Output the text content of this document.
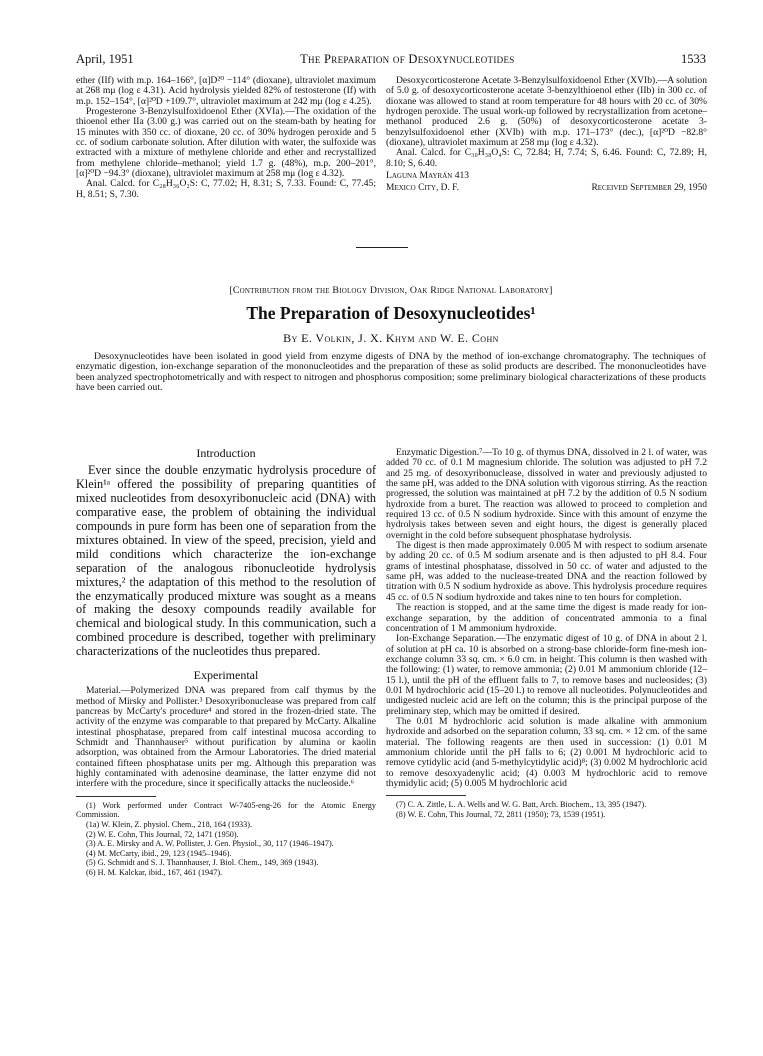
April, 1951	The Preparation of Desoxynucleotides	1533

ether (IIf) with m.p. 164–166°, [α]D²⁰ −114° (dioxane), ultraviolet maximum at 268 mμ (log ε 4.31). Acid hydrolysis yielded 82% of testosterone (If) with m.p. 152–154°, [α]²⁰D +109.7°, ultraviolet maximum at 242 mμ (log ε 4.25).

Progesterone 3-Benzylsulfoxidoenol Ether (XVIa).—The oxidation of the thioenol ether IIa (3.00 g.) was carried out on the steam-bath by heating for 15 minutes with 350 cc. of dioxane, 20 cc. of 30% hydrogen peroxide and 5 cc. of sodium carbonate solution. After dilution with water, the sulfoxide was extracted with a mixture of methylene chloride and ether and recrystallized from methylene chloride–methanol; yield 1.7 g. (48%), m.p. 200–201°, [α]²⁰D −94.3° (dioxane), ultraviolet maximum at 258 mμ (log ε 4.32).

Anal. Calcd. for C₂₈H₃₆O₂S: C, 77.02; H, 8.31; S, 7.33. Found: C, 77.45; H, 8.51; S, 7.30.

Desoxycorticosterone Acetate 3-Benzylsulfoxidoenol Ether (XVIb).—A solution of 5.0 g. of desoxycorticosterone acetate 3-benzylthioenol ether (IIb) in 300 cc. of dioxane was allowed to stand at room temperature for 48 hours with 20 cc. of 30% hydrogen peroxide. The usual work-up followed by recrystallization from acetone–methanol produced 2.6 g. (50%) of desoxycorticosterone acetate 3-benzylsulfoxidoenol ether (XVIb) with m.p. 171–173° (dec.), [α]²⁰D −82.8° (dioxane), ultraviolet maximum at 258 mμ (log ε 4.32).

Anal. Calcd. for C₃₀H₃₈O₄S: C, 72.84; H, 7.74; S, 6.46. Found: C, 72.89; H, 8.10; S, 6.40.

Laguna Mayrán 413
Mexico City, D. F.	Received September 29, 1950
[Contribution from the Biology Division, Oak Ridge National Laboratory]
The Preparation of Desoxynucleotides¹
By E. Volkin, J. X. Khym and W. E. Cohn
Desoxynucleotides have been isolated in good yield from enzyme digests of DNA by the method of ion-exchange chromatography. The techniques of enzymatic digestion, ion-exchange separation of the mononucleotides and the preparation of these as solid products are described. The mononucleotides have been analyzed spectrophotometrically and with respect to nitrogen and phosphorus composition; some preliminary biological characterizations of these products have been carried out.
Introduction

Ever since the double enzymatic hydrolysis procedure of Klein¹ᵃ offered the possibility of preparing quantities of mixed nucleotides from desoxyribonucleic acid (DNA) with comparative ease, the problem of obtaining the individual compounds in pure form has been one of separation from the mixtures obtained. In view of the speed, precision, yield and mild conditions which characterize the ion-exchange separation of the analogous ribonucleotide hydrolysis mixtures,² the adaptation of this method to the resolution of the enzymatically produced mixture was sought as a means of making the desoxy compounds readily available for chemical and biological study. In this communication, such a combined procedure is described, together with preliminary characterizations of the nucleotides thus prepared.

Experimental

Material.—Polymerized DNA was prepared from calf thymus by the method of Mirsky and Pollister.³ Desoxyribonuclease was prepared from calf pancreas by McCarty's procedure⁴ and stored in the frozen-dried state. The activity of the enzyme was comparable to that prepared by McCarty. Alkaline intestinal phosphatase, prepared from calf intestinal mucosa according to Schmidt and Thannhauser⁵ without purification by alumina or kaolin adsorption, was obtained from the Armour Laboratories. The dried material contained fifteen phosphatase units per mg. Although this preparation was highly contaminated with adenosine deaminase, the latter enzyme did not interfere with the procedure, since it specifically attacks the nucleoside.⁶

(1) Work performed under Contract W-7405-eng-26 for the Atomic Energy Commission.

(1a) W. Klein, Z. physiol. Chem., 218, 164 (1933).

(2) W. E. Cohn, This Journal, 72, 1471 (1950).

(3) A. E. Mirsky and A. W. Pollister, J. Gen. Physiol., 30, 117 (1946–1947).

(4) M. McCarty, ibid., 29, 123 (1945–1946).

(5) G. Schmidt and S. J. Thannhauser, J. Biol. Chem., 149, 369 (1943).

(6) H. M. Kalckar, ibid., 167, 461 (1947).

Enzymatic Digestion.⁷—To 10 g. of thymus DNA, dissolved in 2 l. of water, was added 70 cc. of 0.1 M magnesium chloride. The solution was adjusted to pH 7.2 and 25 mg. of desoxyribonuclease, dissolved in water and previously adjusted to the same pH, was added to the DNA solution with vigorous stirring. As the reaction progressed, the solution was maintained at pH 7.2 by the addition of 0.5 N sodium hydroxide from a buret. The reaction was allowed to proceed to completion and required 13 cc. of 0.5 N sodium hydroxide. Since with this amount of enzyme the hydrolysis takes between seven and eight hours, the digest is generally placed overnight in the cold before subsequent phosphatase hydrolysis.

The digest is then made approximately 0.005 M with respect to sodium arsenate by adding 20 cc. of 0.5 M sodium arsenate and is then adjusted to pH 8.4. Four grams of intestinal phosphatase, dissolved in 50 cc. of water and adjusted to the same pH, was added to the nuclease-treated DNA and the reaction followed by titration with 0.5 N sodium hydroxide as above. This hydrolysis procedure requires 45 cc. of 0.5 N sodium hydroxide and takes nine to ten hours for completion.

The reaction is stopped, and at the same time the digest is made ready for ion-exchange separation, by the addition of concentrated ammonia to a final concentration of 1 M ammonium hydroxide.

Ion-Exchange Separation.—The enzymatic digest of 10 g. of DNA in about 2 l. of solution at pH ca. 10 is absorbed on a strong-base chloride-form fine-mesh ion-exchange column 33 sq. cm. × 6.0 cm. in height. This column is then washed with the following: (1) water, to remove ammonia; (2) 0.01 M ammonium chloride (12–15 l.), until the pH of the effluent falls to 7, to remove bases and nucleosides; (3) 0.01 M hydrochloric acid (15–20 l.) to remove all nucleotides. Polynucleotides and undigested nucleic acid are left on the column; this is the principal purpose of the preliminary step, which may be omitted if desired.

The 0.01 M hydrochloric acid solution is made alkaline with ammonium hydroxide and adsorbed on the separation column, 33 sq. cm. × 12 cm. of the same material. The following reagents are then used in succession: (1) 0.01 M ammonium chloride until the pH falls to 6; (2) 0.001 M hydrochloric acid to remove cytidylic acid (and 5-methylcytidylic acid)⁸; (3) 0.002 M hydrochloric acid to remove desoxyadenylic acid; (4) 0.003 M hydrochloric acid to remove thymidylic acid; (5) 0.005 M hydrochloric acid

(7) C. A. Zittle, L. A. Wells and W. G. Batt, Arch. Biochem., 13, 395 (1947).

(8) W. E. Cohn, This Journal, 72, 2811 (1950); 73, 1539 (1951).
